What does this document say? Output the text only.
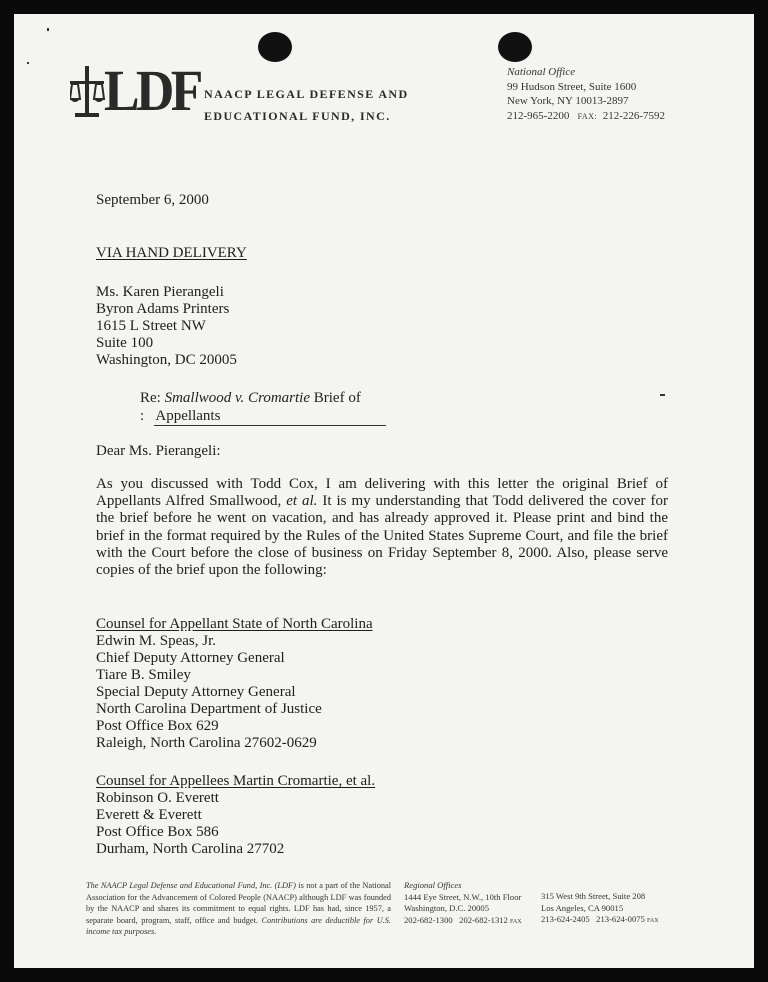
LDF NAACP LEGAL DEFENSE AND
EDUCATIONAL FUND, INC.
National Office
99 Hudson Street, Suite 1600
New York, NY 10013-2897
212-965-2200 FAX: 212-226-7592
September 6, 2000
VIA HAND DELIVERY
Ms. Karen Pierangeli
Byron Adams Printers
1615 L Street NW
Suite 100
Washington, DC 20005
Re: Smallwood v. Cromartie Brief of
: Appellants
Dear Ms. Pierangeli:
As you discussed with Todd Cox, I am delivering with this letter the original Brief of Appellants Alfred Smallwood, et al. It is my understanding that Todd delivered the cover for the brief before he went on vacation, and has already approved it. Please print and bind the brief in the format required by the Rules of the United States Supreme Court, and file the brief with the Court before the close of business on Friday September 8, 2000. Also, please serve copies of the brief upon the following:
Counsel for Appellant State of North Carolina
Edwin M. Speas, Jr.
Chief Deputy Attorney General
Tiare B. Smiley
Special Deputy Attorney General
North Carolina Department of Justice
Post Office Box 629
Raleigh, North Carolina 27602-0629
Counsel for Appellees Martin Cromartie, et al.
Robinson O. Everett
Everett & Everett
Post Office Box 586
Durham, North Carolina 27702
The NAACP Legal Defense and Educational Fund, Inc. (LDF) is not a part of the National Association for the Advancement of Colored People (NAACP) although LDF was founded by the NAACP and shares its commitment to equal rights. LDF has had, since 1957, a separate board, program, staff, office and budget. Contributions are deductible for U.S. income tax purposes.
Regional Offices
1444 Eye Street, N.W., 10th Floor
Washington, D.C. 20005
202-682-1300 202-682-1312 FAX
315 West 9th Street, Suite 208
Los Angeles, CA 90015
213-624-2405 213-624-0075 FAX
